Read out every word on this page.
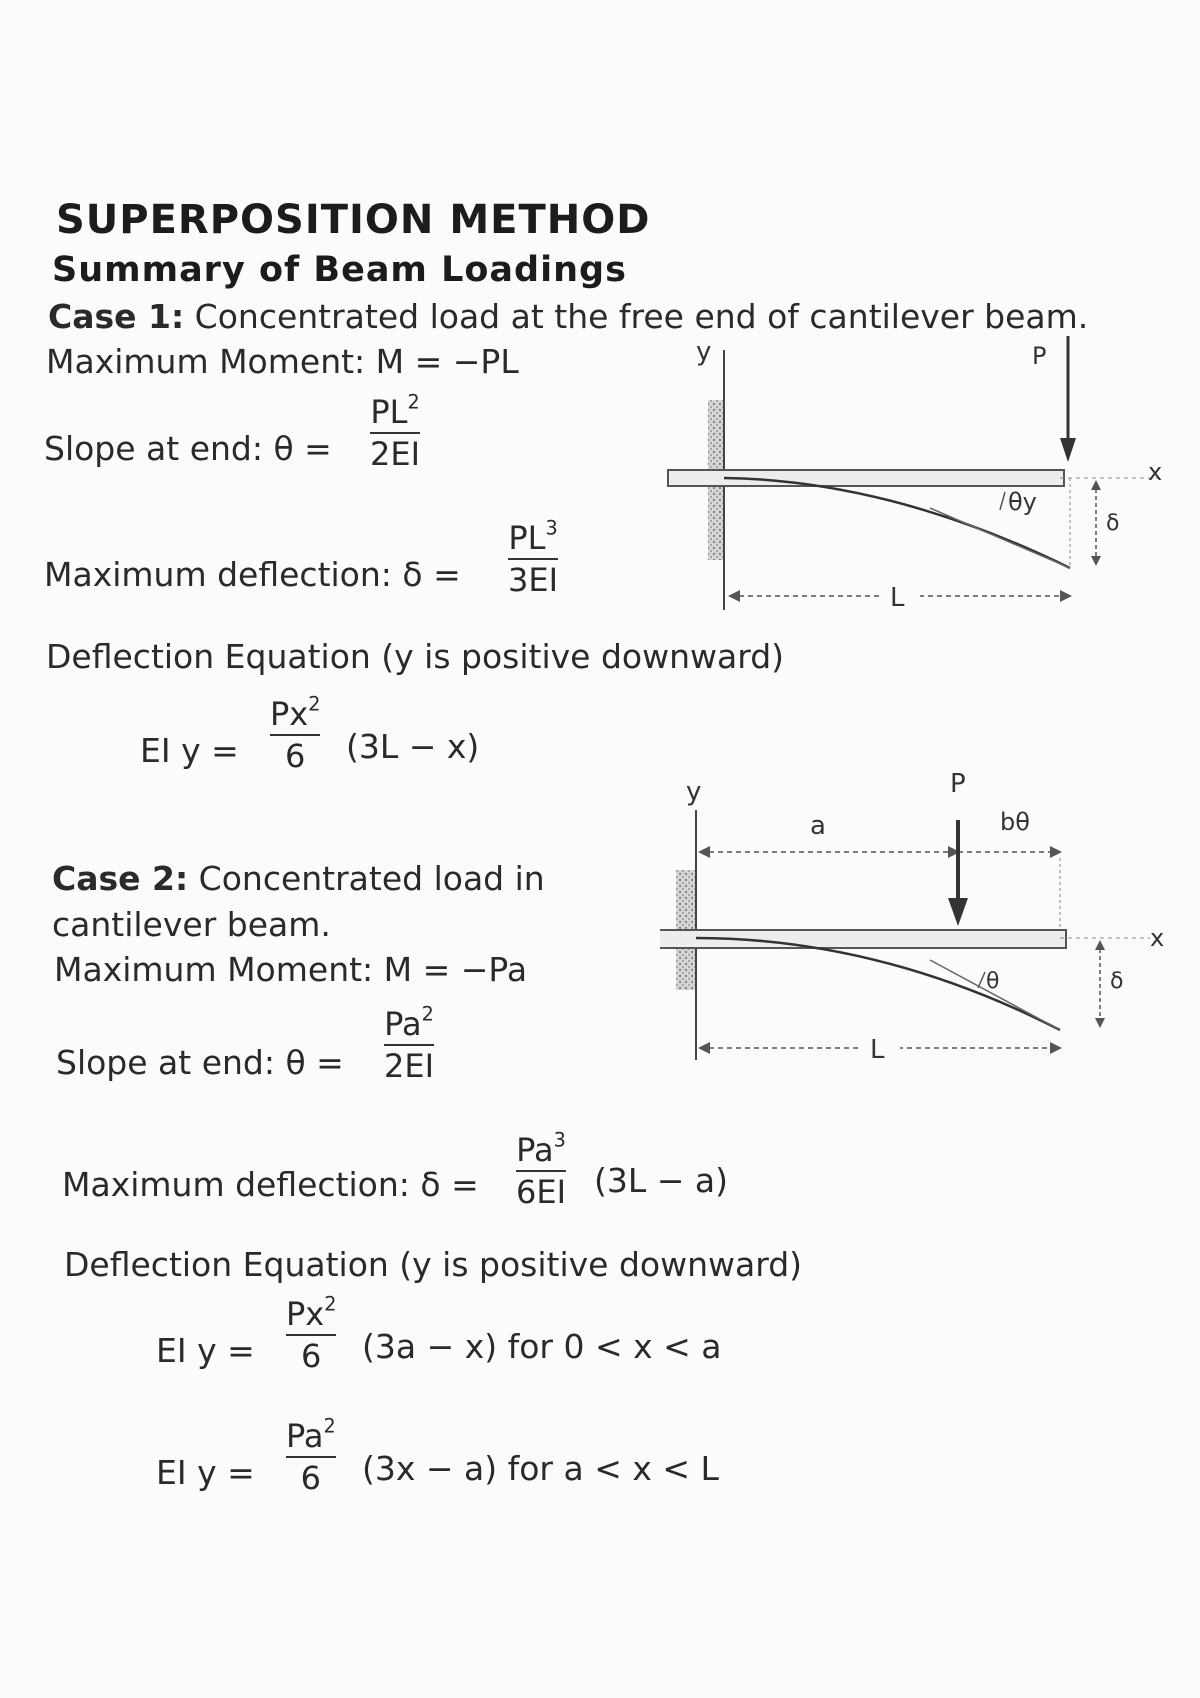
SUPERPOSITION METHOD
Summary of Beam Loadings
Case 1: Concentrated load at the free end of cantilever beam.
Maximum Moment: M = −PL
Slope at end: θ =
$PL^2$
2EI
Maximum deflection: δ =
$PL^3$
3EI
Deflection Equation (y is positive downward)
EI y =
$Px^2$
6 (3L − x)
y	P
θy
x
δ
L
Case 2: Concentrated load in
cantilever beam.
Maximum Moment: M = −Pa
Slope at end: θ =
$Pa^2$
2EI
Maximum deflection: δ =
$Pa^3$
6EI (3L − a)
Deflection Equation (y is positive downward)
EI y =
$Px^2$
6 (3a − x) for 0 < x < a
EI y =
$Pa^2$
6 (3x − a) for a < x < L
y	P
a	bθ
θ
x
δ
L
